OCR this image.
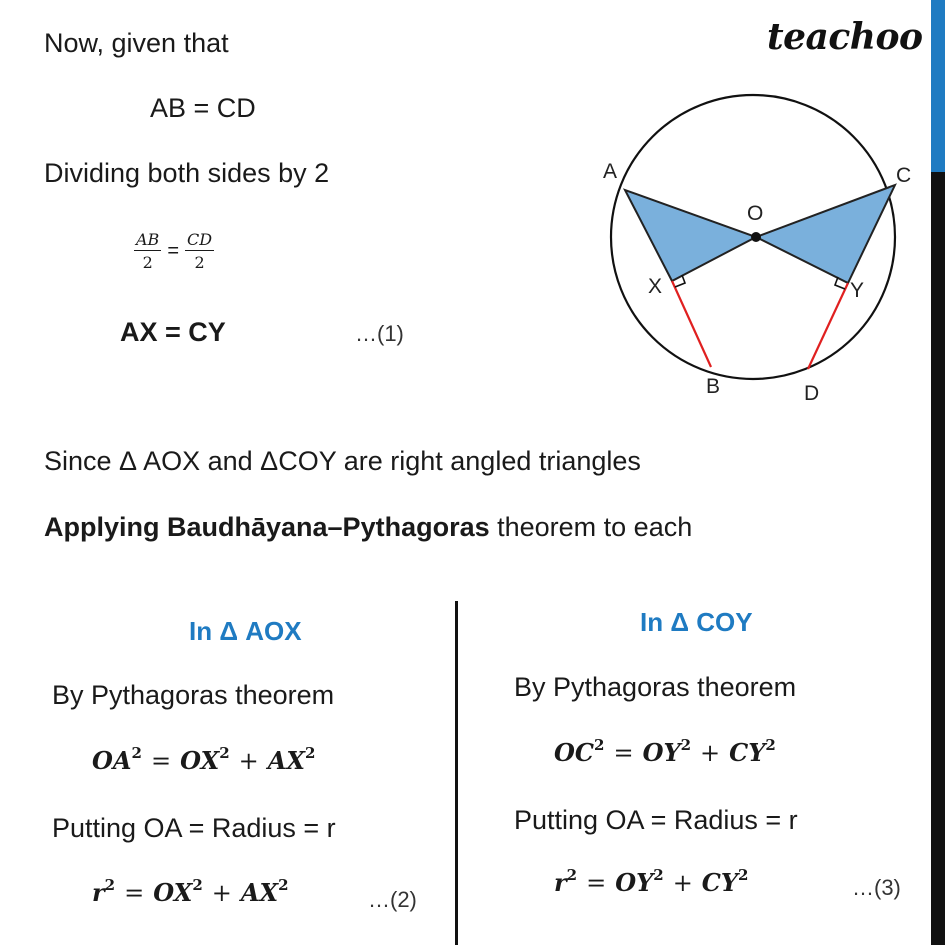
teachoo
Now, given that
AB = CD
Dividing both sides by 2
$\frac{AB}{2} = \frac{CD}{2}$
AX = CY	…(1)
Since Δ AOX and ΔCOY are right angled triangles
Applying Baudhāyana–Pythagoras theorem to each
A	C
O
X	Y
B	D
In Δ AOX
By Pythagoras theorem
$OA^2 = OX^2 + AX^2$
Putting OA = Radius = r
$r^2 = OX^2 + AX^2$
…(2)
In Δ COY
By Pythagoras theorem
$OC^2 = OY^2 + CY^2$
Putting OA = Radius = r
$r^2 = OY^2 + CY^2$	…(3)
